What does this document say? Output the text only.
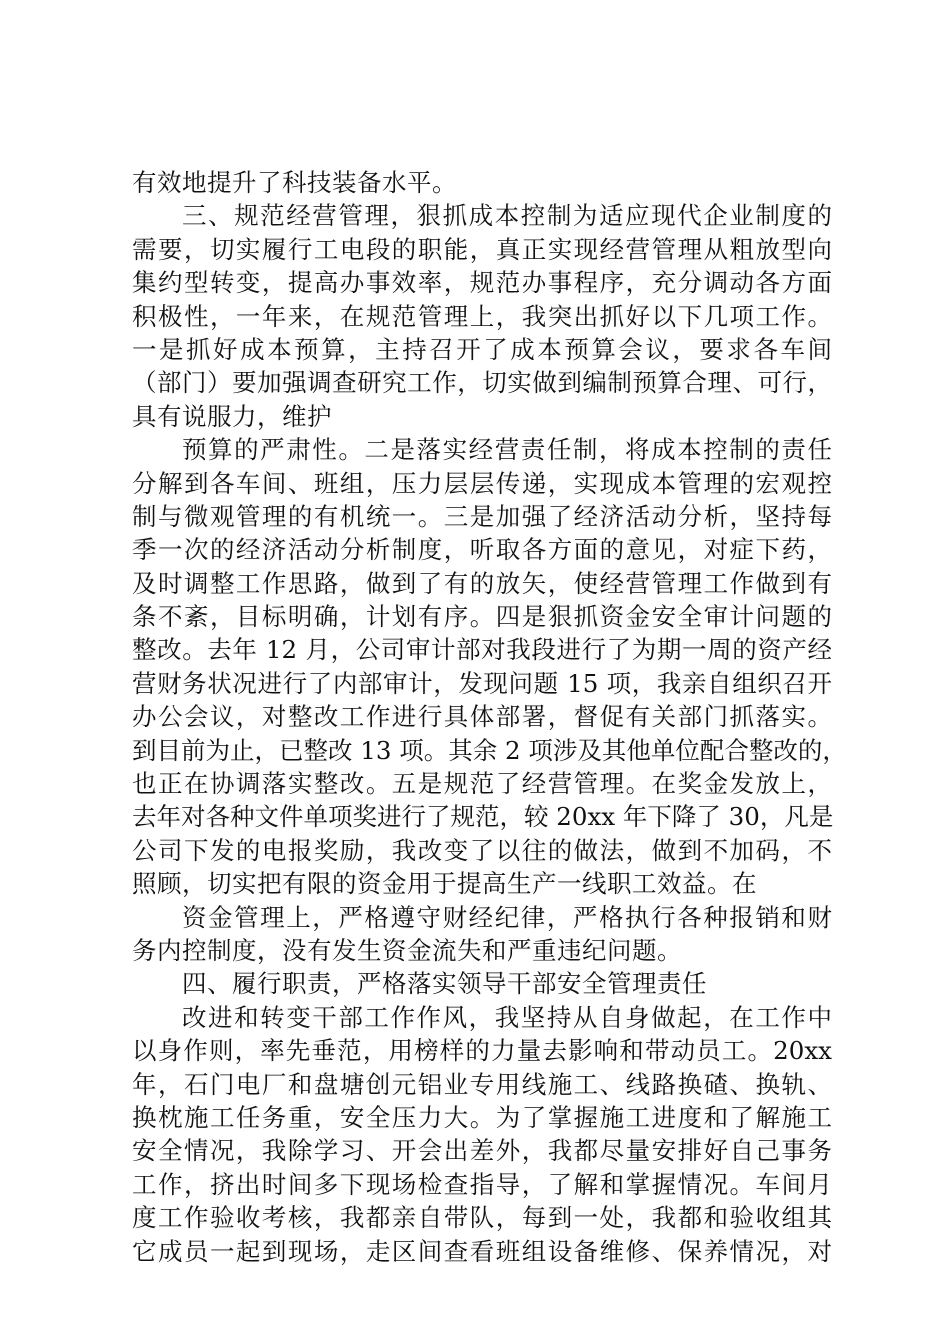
有效地提升了科技装备水平。
三、规范经营管理，狠抓成本控制为适应现代企业制度的
需要，切实履行工电段的职能，真正实现经营管理从粗放型向
集约型转变，提高办事效率，规范办事程序，充分调动各方面
积极性，一年来，在规范管理上，我突出抓好以下几项工作。
一是抓好成本预算，主持召开了成本预算会议，要求各车间
（部门）要加强调查研究工作，切实做到编制预算合理、可行，
具有说服力，维护
预算的严肃性。二是落实经营责任制，将成本控制的责任
分解到各车间、班组，压力层层传递，实现成本管理的宏观控
制与微观管理的有机统一。三是加强了经济活动分析，坚持每
季一次的经济活动分析制度，听取各方面的意见，对症下药，
及时调整工作思路，做到了有的放矢，使经营管理工作做到有
条不紊，目标明确，计划有序。四是狠抓资金安全审计问题的
整改。去年 12 月，公司审计部对我段进行了为期一周的资产经
营财务状况进行了内部审计，发现问题 15 项，我亲自组织召开
办公会议，对整改工作进行具体部署，督促有关部门抓落实。
到目前为止，已整改 13 项。其余 2 项涉及其他单位配合整改的，
也正在协调落实整改。五是规范了经营管理。在奖金发放上，
去年对各种文件单项奖进行了规范，较 20xx 年下降了 30，凡是
公司下发的电报奖励，我改变了以往的做法，做到不加码，不
照顾，切实把有限的资金用于提高生产一线职工效益。在
资金管理上，严格遵守财经纪律，严格执行各种报销和财
务内控制度，没有发生资金流失和严重违纪问题。
四、履行职责，严格落实领导干部安全管理责任
改进和转变干部工作作风，我坚持从自身做起，在工作中
以身作则，率先垂范，用榜样的力量去影响和带动员工。20xx
年，石门电厂和盘塘创元铝业专用线施工、线路换碴、换轨、
换枕施工任务重，安全压力大。为了掌握施工进度和了解施工
安全情况，我除学习、开会出差外，我都尽量安排好自己事务
工作，挤出时间多下现场检查指导，了解和掌握情况。车间月
度工作验收考核，我都亲自带队，每到一处，我都和验收组其
它成员一起到现场，走区间查看班组设备维修、保养情况，对
